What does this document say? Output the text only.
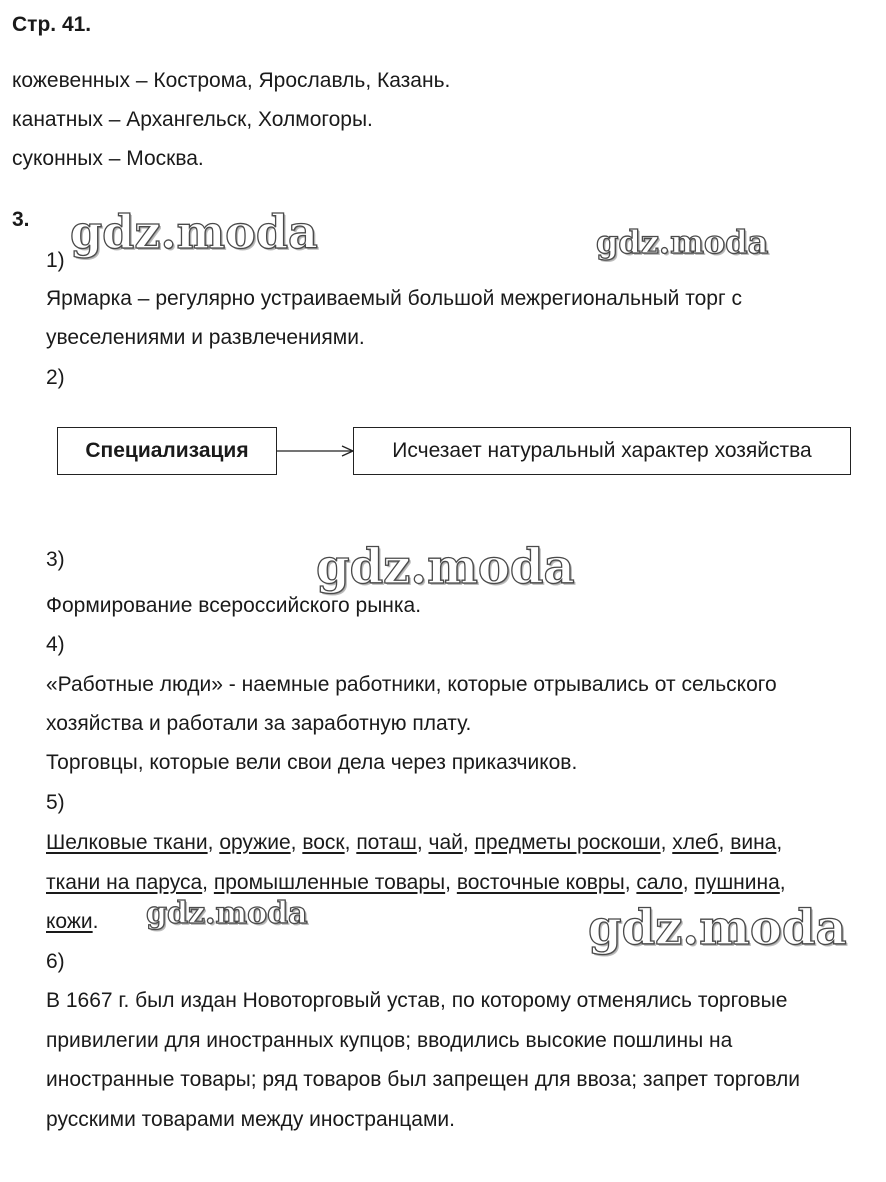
Стр. 41.
кожевенных – Кострома, Ярославль, Казань.
канатных – Архангельск, Холмогоры.
суконных – Москва.
3. gdz.moda	gdz.moda
gdz.moda
gdz.moda	gdz.moda
1)
Ярмарка – регулярно устраиваемый большой межрегиональный торг с
увеселениями и развлечениями.
2)
Специализация	Исчезает натуральный характер хозяйства
3)
Формирование всероссийского рынка.
4)
«Работные люди» - наемные работники, которые отрывались от сельского
хозяйства и работали за заработную плату.
Торговцы, которые вели свои дела через приказчиков.
5)
Шелковые ткани, оружие, воск, поташ, чай, предметы роскоши, хлеб, вина,
ткани на паруса, промышленные товары, восточные ковры, сало, пушнина,
кожи.
6)
В 1667 г. был издан Новоторговый устав, по которому отменялись торговые
привилегии для иностранных купцов; вводились высокие пошлины на
иностранные товары; ряд товаров был запрещен для ввоза; запрет торговли
русскими товарами между иностранцами.
